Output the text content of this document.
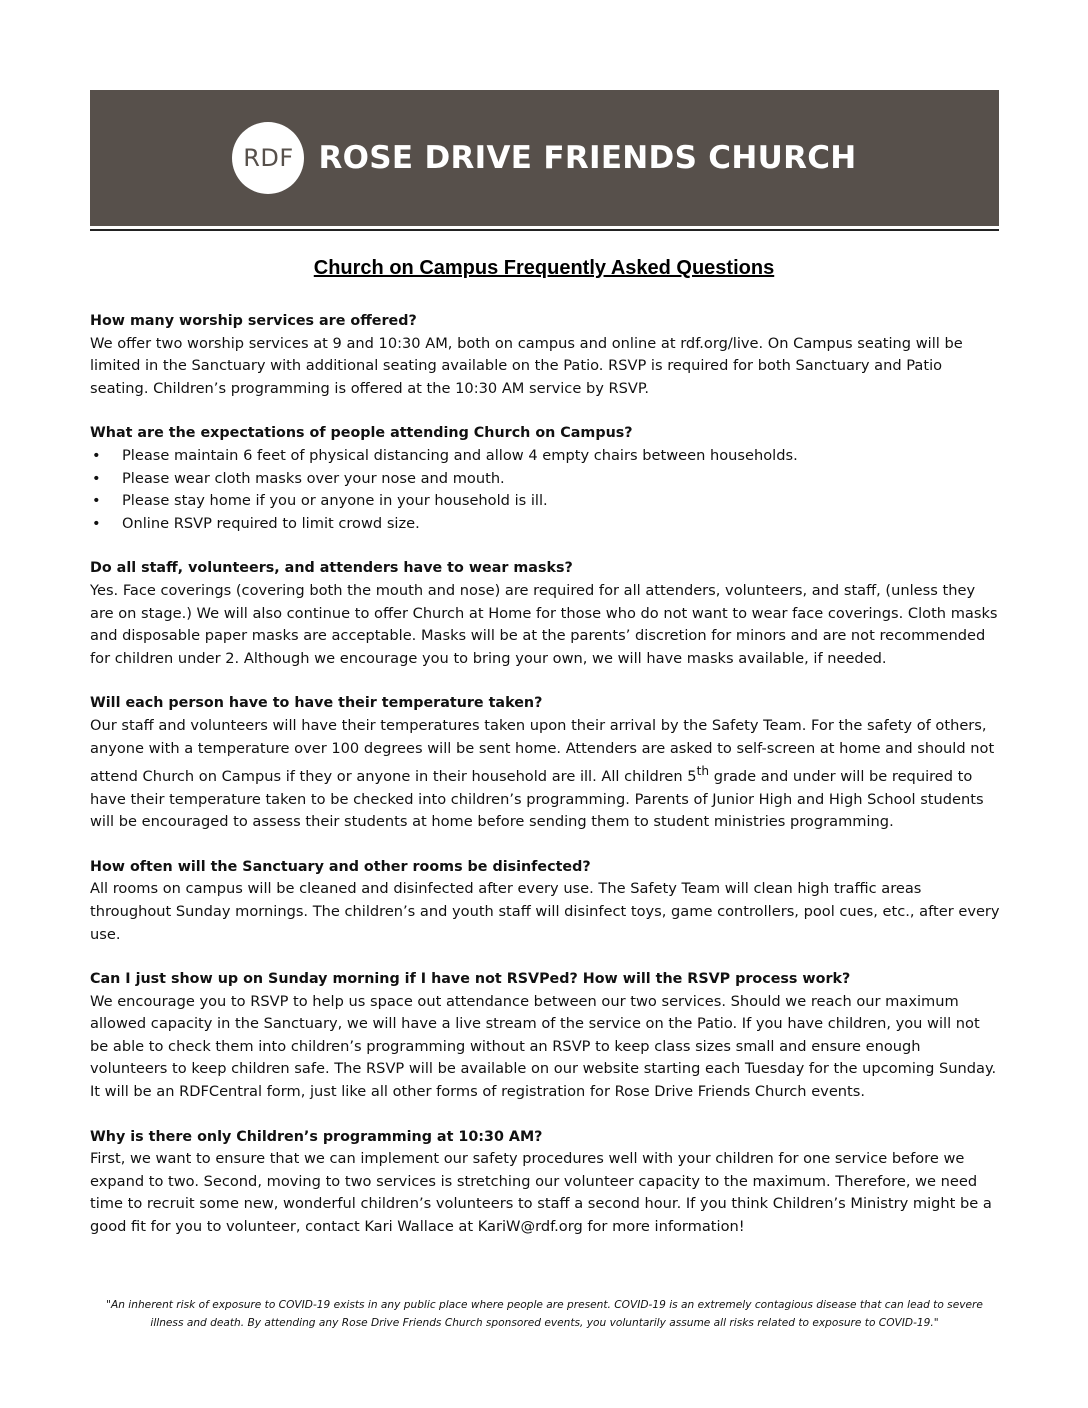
RDF ROSE DRIVE FRIENDS CHURCH
Church on Campus Frequently Asked Questions
How many worship services are offered?

We offer two worship services at 9 and 10:30 AM, both on campus and online at rdf.org/live. On Campus seating will be limited in the Sanctuary with additional seating available on the Patio. RSVP is required for both Sanctuary and Patio seating. Children’s programming is offered at the 10:30 AM service by RSVP.

What are the expectations of people attending Church on Campus?
• Please maintain 6 feet of physical distancing and allow 4 empty chairs between households.
• Please wear cloth masks over your nose and mouth.
• Please stay home if you or anyone in your household is ill.
• Online RSVP required to limit crowd size.
Do all staff, volunteers, and attenders have to wear masks?

Yes. Face coverings (covering both the mouth and nose) are required for all attenders, volunteers, and staff, (unless they are on stage.) We will also continue to offer Church at Home for those who do not want to wear face coverings. Cloth masks and disposable paper masks are acceptable. Masks will be at the parents’ discretion for minors and are not recommended for children under 2. Although we encourage you to bring your own, we will have masks available, if needed.

Will each person have to have their temperature taken?

Our staff and volunteers will have their temperatures taken upon their arrival by the Safety Team. For the safety of others, anyone with a temperature over 100 degrees will be sent home. Attenders are asked to self-screen at home and should not attend Church on Campus if they or anyone in their household are ill. All children 5th grade and under will be required to have their temperature taken to be checked into children’s programming. Parents of Junior High and High School students will be encouraged to assess their students at home before sending them to student ministries programming.

How often will the Sanctuary and other rooms be disinfected?

All rooms on campus will be cleaned and disinfected after every use. The Safety Team will clean high traffic areas throughout Sunday mornings. The children’s and youth staff will disinfect toys, game controllers, pool cues, etc., after every use.

Can I just show up on Sunday morning if I have not RSVPed? How will the RSVP process work?

We encourage you to RSVP to help us space out attendance between our two services. Should we reach our maximum allowed capacity in the Sanctuary, we will have a live stream of the service on the Patio. If you have children, you will not be able to check them into children’s programming without an RSVP to keep class sizes small and ensure enough volunteers to keep children safe. The RSVP will be available on our website starting each Tuesday for the upcoming Sunday. It will be an RDFCentral form, just like all other forms of registration for Rose Drive Friends Church events.

Why is there only Children’s programming at 10:30 AM?

First, we want to ensure that we can implement our safety procedures well with your children for one service before we expand to two. Second, moving to two services is stretching our volunteer capacity to the maximum. Therefore, we need time to recruit some new, wonderful children’s volunteers to staff a second hour. If you think Children’s Ministry might be a good fit for you to volunteer, contact Kari Wallace at KariW@rdf.org for more information!

"An inherent risk of exposure to COVID-19 exists in any public place where people are present. COVID-19 is an extremely contagious disease that can lead to severe illness and death. By attending any Rose Drive Friends Church sponsored events, you voluntarily assume all risks related to exposure to COVID-19."
